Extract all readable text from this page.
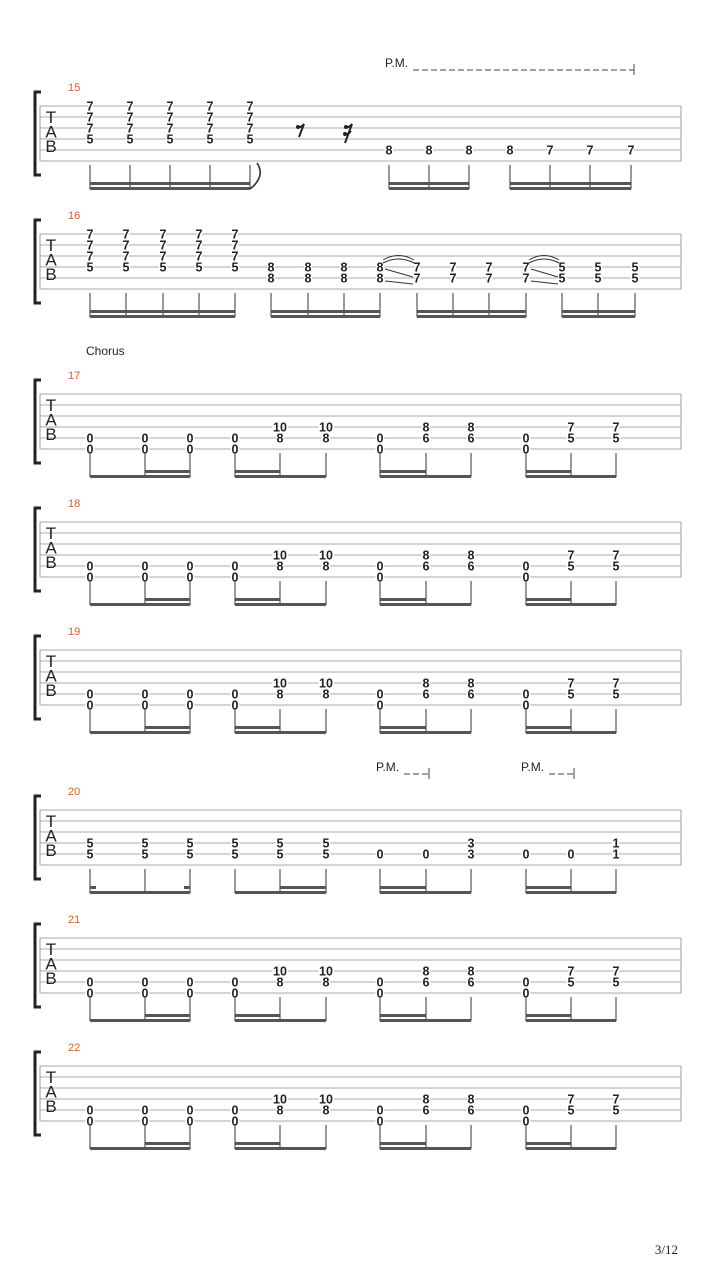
T
A
B
15
P.M.
7
7
7
5
7
7
7
5
7
7
7
5
7
7
7
5
7
7
7
5
8	8	8	8	7	7	7
T
A
B
16
7
7
7
5
7
7
7
5
7
7
7
5
7
7
7
5
7
7
7
5 8
8
8
8
8
8
8
8
7
7
7
7
7
7
7
7
5
5
5
5
5
5
T
A
B
17
Chorus
0
0
0
0
0
0
0
0
10
8
10
8	0
0
8
6
8
6	0
0
7
5
7
5
T
A
B
18
0
0
0
0
0
0
0
0
10
8
10
8	0
0
8
6
8
6	0
0
7
5
7
5
T
A
B
19
0
0
0
0
0
0
0
0
10
8
10
8	0
0
8
6
8
6	0
0
7
5
7
5
T
A
B
20
P.M.	P.M.
5
5
5
5
5
5
5
5
5
5
5
5	0	0
3
3	0	0
1
1
T
A
B
21
0
0
0
0
0
0
0
0
10
8
10
8	0
0
8
6
8
6	0
0
7
5
7
5
T
A
B
22
0
0
0
0
0
0
0
0
10
8
10
8	0
0
8
6
8
6	0
0
7
5
7
5
3/12
